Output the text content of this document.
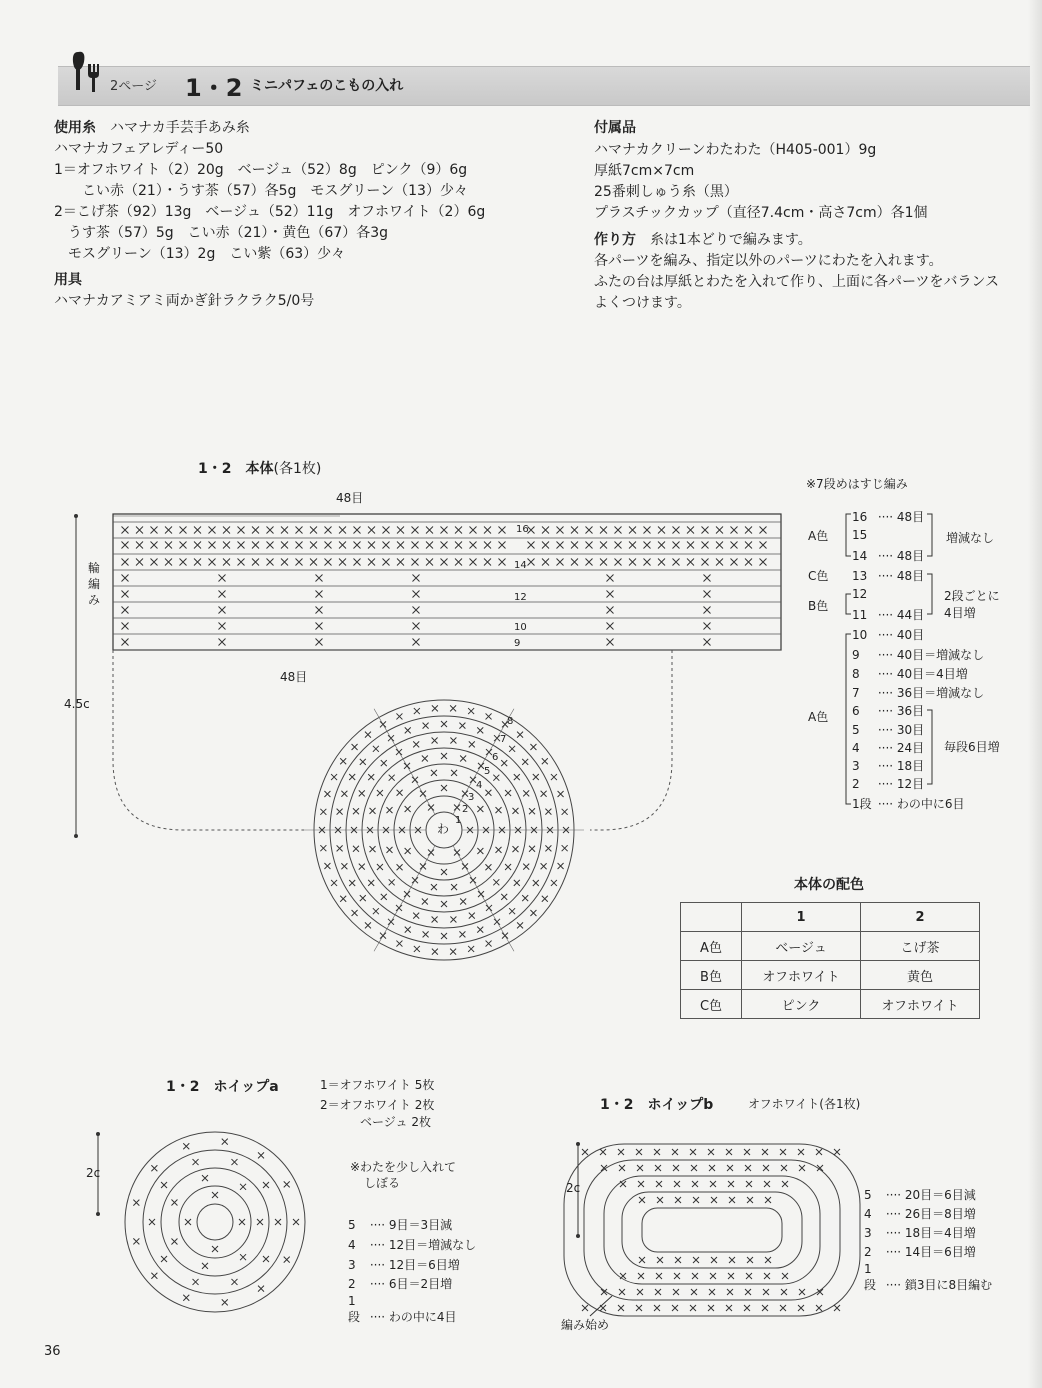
2ページ 1・2 ミニパフェのこもの入れ
使用糸　 ハマナカ手芸手あみ糸
ハマナカフェアレディー50
1＝オフホワイト（2）20g　ベージュ（52）8g　ピンク（9）6g
　　こい赤（21）・うす茶（57）各5g　モスグリーン（13）少々
2＝こげ茶（92）13g　ベージュ（52）11g　オフホワイト（2）6g
　うす茶（57）5g　こい赤（21）・黄色（67）各3g
　モスグリーン（13）2g　こい紫（63）少々
用具
ハマナカアミアミ両かぎ針ラクラク5/0号
付属品
ハマナカクリーンわたわた（H405-001）9g
厚紙7cm×7cm
25番刺しゅう糸（黒）
プラスチックカップ（直径7.4cm・高さ7cm）各1個
作り方　 糸は1本どりで編みます。
各パーツを編み、指定以外のパーツにわたを入れます。
ふたの台は厚紙とわたを入れて作り、上面に各パーツをバランス
よくつけます。
1・2　本体(各1枚)
48目
48目
輪編み
4.5c
※7段めはすじ編み
16
14
12
10
9
わ
8
7
6
5
4
3
2
1
16 ···· 48目
15
14 ···· 48目
13 ···· 48目
12
11 ···· 44目
10 ···· 40目
9 ···· 40目＝増減なし
8 ···· 40目＝4目増
7 ···· 36目＝増減なし
6 ···· 36目
5 ···· 30目
4 ···· 24目
3 ···· 18目
2 ···· 12目
1段 ···· わの中に6目
A色
C色
B色
A色
増減なし
2段ごとに
4目増
毎段6目増
本体の配色
	1	2
A色	ベージュ	こげ茶
B色	オフホワイト	黄色
C色	ピンク	オフホワイト
1・2　ホイップa	1＝オフホワイト 5枚
2＝オフホワイト 2枚
ベージュ 2枚
2c	※わたを少し入れて
しぼる
5 ···· 9目＝3目減
4 ···· 12目＝増減なし
3 ···· 12目＝6目増
2 ···· 6目＝2目増
1段 ···· わの中に4目
1・2　ホイップb	オフホワイト(各1枚)
2c
編み始め
5 ···· 20目＝6目減
4 ···· 26目＝8目増
3 ···· 18目＝4目増
2 ···· 14目＝6目増
1段 ···· 鎖3目に8目編む
36
